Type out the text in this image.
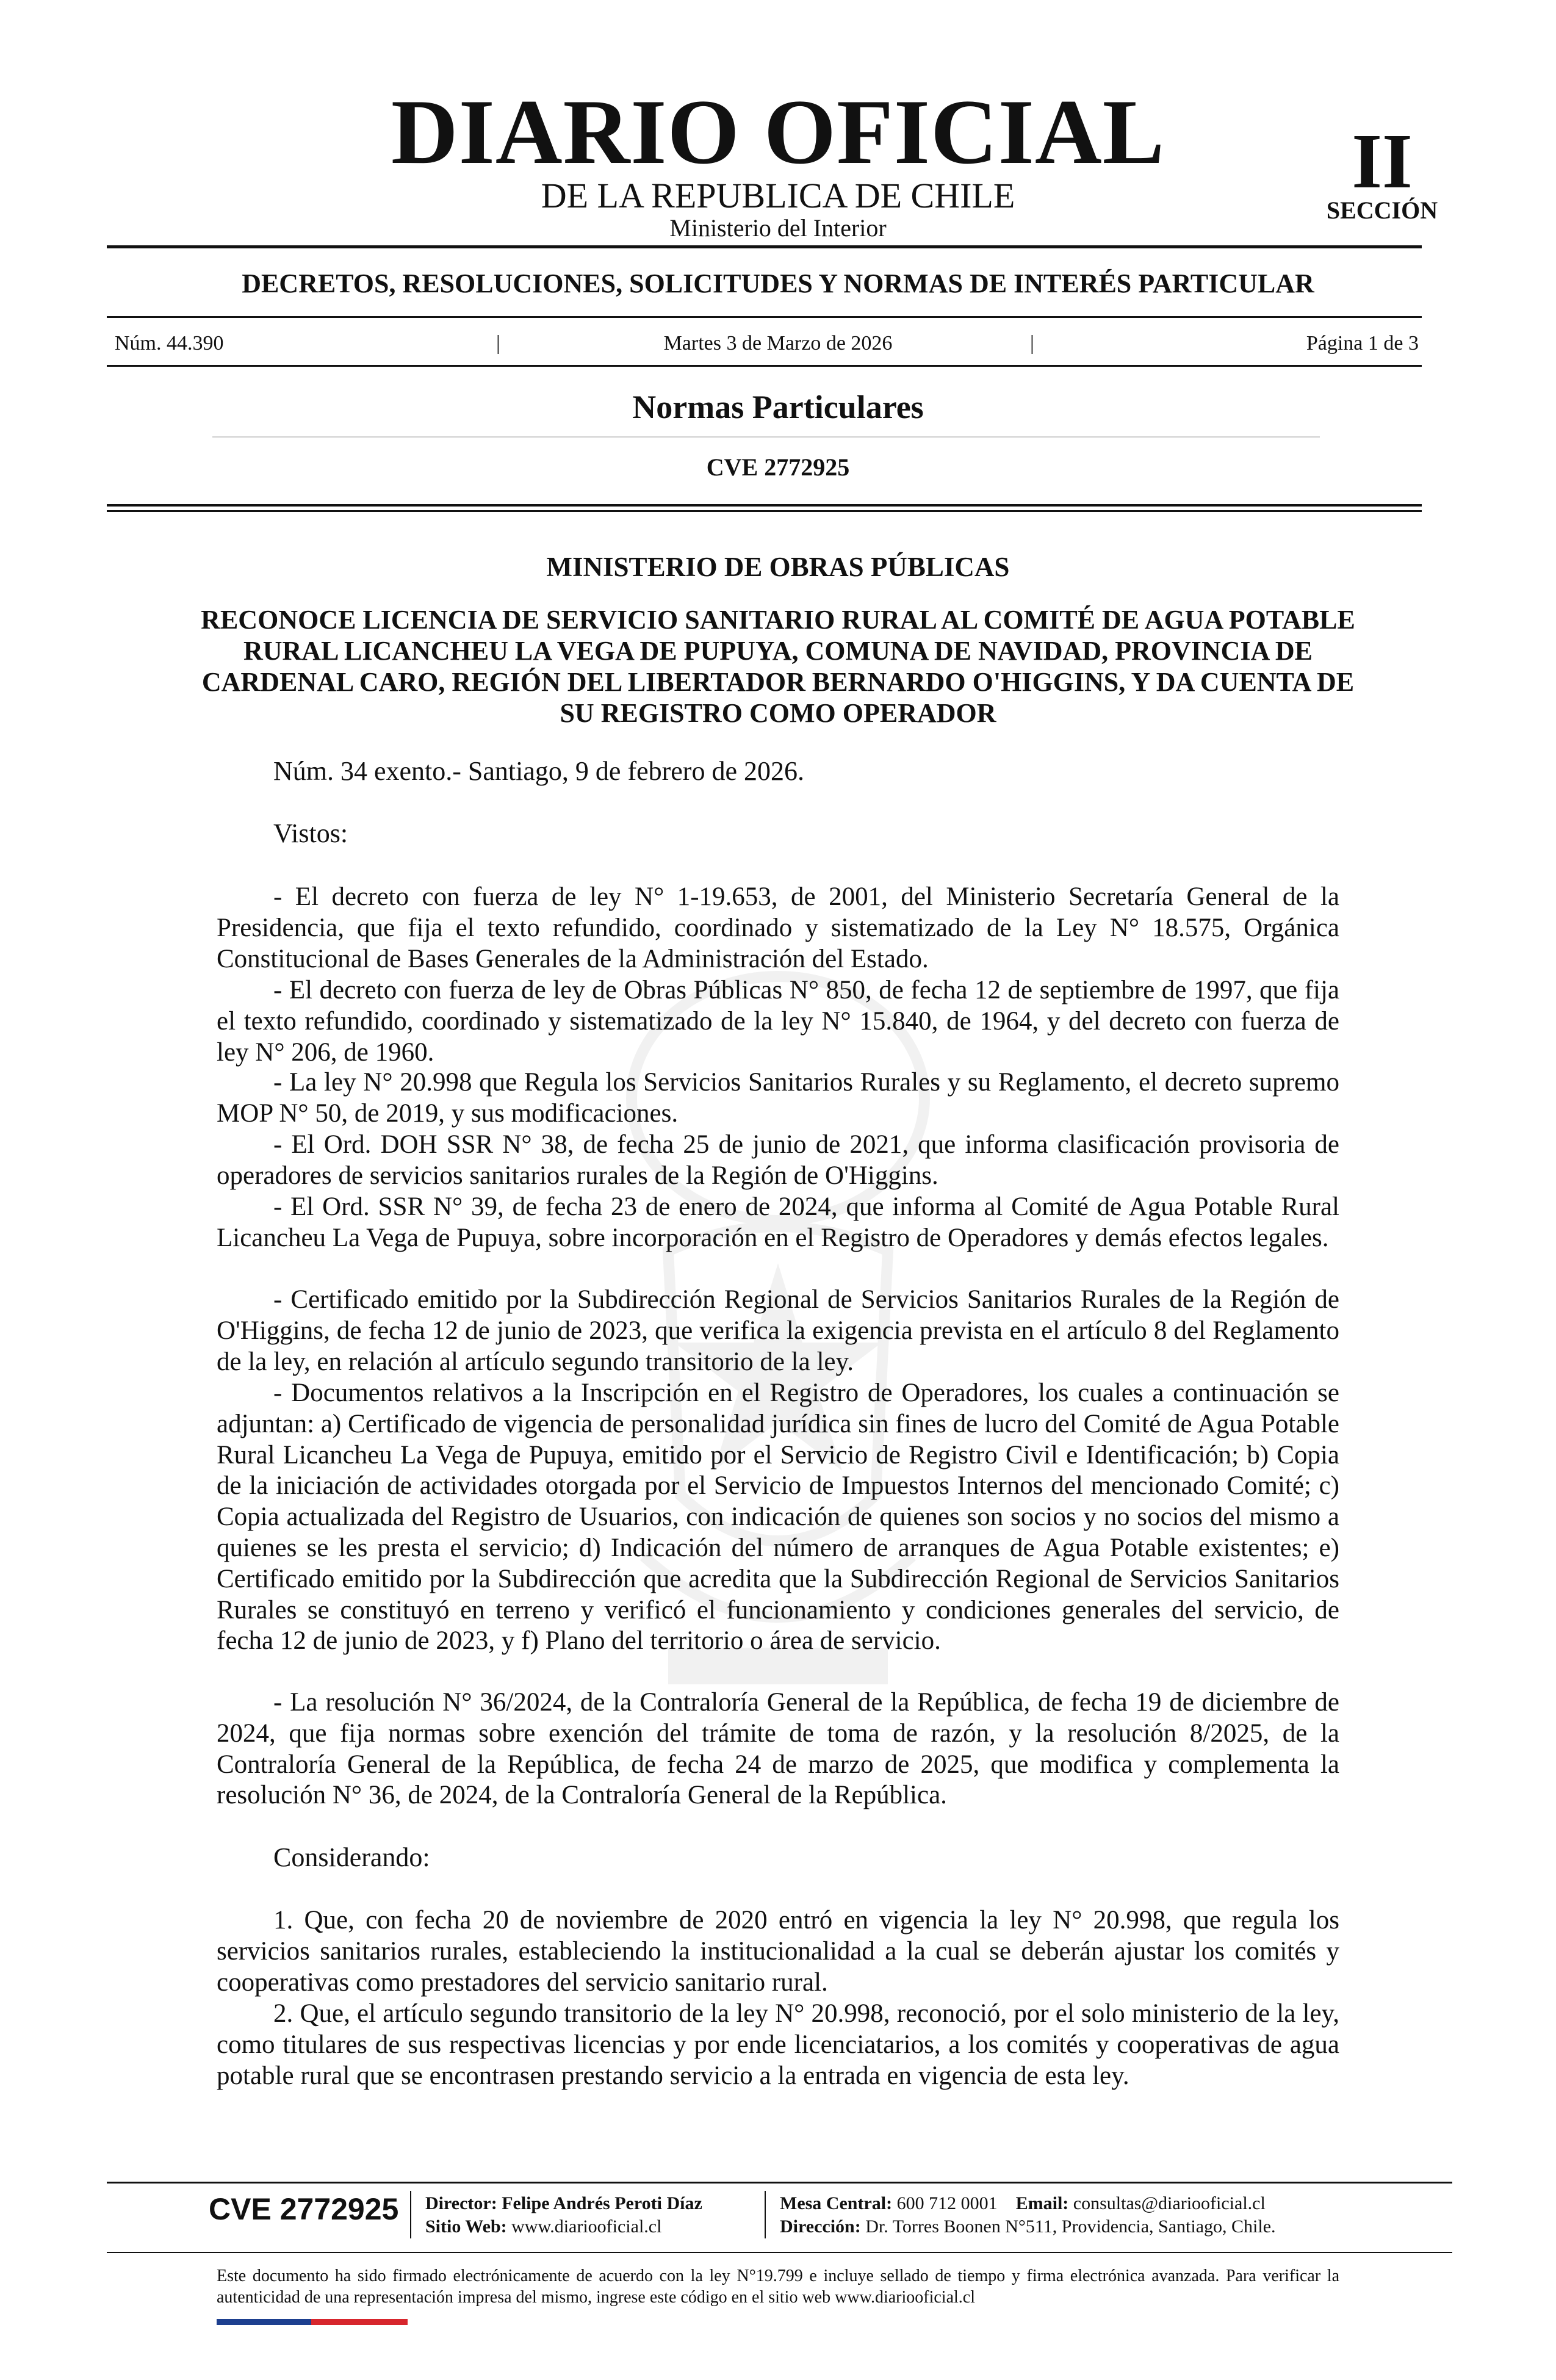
DIARIO OFICIAL
DE LA REPUBLICA DE CHILE
Ministerio del Interior
II
SECCIÓN
DECRETOS, RESOLUCIONES, SOLICITUDES Y NORMAS DE INTERÉS PARTICULAR
Núm. 44.390	|	Martes 3 de Marzo de 2026	|	Página 1 de 3
Normas Particulares
CVE 2772925
MINISTERIO DE OBRAS PÚBLICAS
RECONOCE LICENCIA DE SERVICIO SANITARIO RURAL AL COMITÉ DE AGUA POTABLE RURAL LICANCHEU LA VEGA DE PUPUYA, COMUNA DE NAVIDAD, PROVINCIA DE CARDENAL CARO, REGIÓN DEL LIBERTADOR BERNARDO O'HIGGINS, Y DA CUENTA DE SU REGISTRO COMO OPERADOR
Núm. 34 exento.- Santiago, 9 de febrero de 2026.
Vistos:
- El decreto con fuerza de ley N° 1-19.653, de 2001, del Ministerio Secretaría General de la Presidencia, que fija el texto refundido, coordinado y sistematizado de la Ley N° 18.575, Orgánica Constitucional de Bases Generales de la Administración del Estado.
- El decreto con fuerza de ley de Obras Públicas N° 850, de fecha 12 de septiembre de 1997, que fija el texto refundido, coordinado y sistematizado de la ley N° 15.840, de 1964, y del decreto con fuerza de ley N° 206, de 1960.
- La ley N° 20.998 que Regula los Servicios Sanitarios Rurales y su Reglamento, el decreto supremo MOP N° 50, de 2019, y sus modificaciones.
- El Ord. DOH SSR N° 38, de fecha 25 de junio de 2021, que informa clasificación provisoria de operadores de servicios sanitarios rurales de la Región de O'Higgins.
- El Ord. SSR N° 39, de fecha 23 de enero de 2024, que informa al Comité de Agua Potable Rural Licancheu La Vega de Pupuya, sobre incorporación en el Registro de Operadores y demás efectos legales.
- Certificado emitido por la Subdirección Regional de Servicios Sanitarios Rurales de la Región de O'Higgins, de fecha 12 de junio de 2023, que verifica la exigencia prevista en el artículo 8 del Reglamento de la ley, en relación al artículo segundo transitorio de la ley.
- Documentos relativos a la Inscripción en el Registro de Operadores, los cuales a continuación se adjuntan: a) Certificado de vigencia de personalidad jurídica sin fines de lucro del Comité de Agua Potable Rural Licancheu La Vega de Pupuya, emitido por el Servicio de Registro Civil e Identificación; b) Copia de la iniciación de actividades otorgada por el Servicio de Impuestos Internos del mencionado Comité; c) Copia actualizada del Registro de Usuarios, con indicación de quienes son socios y no socios del mismo a quienes se les presta el servicio; d) Indicación del número de arranques de Agua Potable existentes; e) Certificado emitido por la Subdirección que acredita que la Subdirección Regional de Servicios Sanitarios Rurales se constituyó en terreno y verificó el funcionamiento y condiciones generales del servicio, de fecha 12 de junio de 2023, y f) Plano del territorio o área de servicio.
- La resolución N° 36/2024, de la Contraloría General de la República, de fecha 19 de diciembre de 2024, que fija normas sobre exención del trámite de toma de razón, y la resolución 8/2025, de la Contraloría General de la República, de fecha 24 de marzo de 2025, que modifica y complementa la resolución N° 36, de 2024, de la Contraloría General de la República.
Considerando:
1. Que, con fecha 20 de noviembre de 2020 entró en vigencia la ley N° 20.998, que regula los servicios sanitarios rurales, estableciendo la institucionalidad a la cual se deberán ajustar los comités y cooperativas como prestadores del servicio sanitario rural.
2. Que, el artículo segundo transitorio de la ley N° 20.998, reconoció, por el solo ministerio de la ley, como titulares de sus respectivas licencias y por ende licenciatarios, a los comités y cooperativas de agua potable rural que se encontrasen prestando servicio a la entrada en vigencia de esta ley.
CVE 2772925 Director: Felipe Andrés Peroti Díaz
Sitio Web: www.diariooficial.cl
Mesa Central: 600 712 0001 Email: consultas@diariooficial.cl
Dirección: Dr. Torres Boonen N°511, Providencia, Santiago, Chile.
Este documento ha sido firmado electrónicamente de acuerdo con la ley N°19.799 e incluye sellado de tiempo y firma electrónica avanzada. Para verificar la autenticidad de una representación impresa del mismo, ingrese este código en el sitio web www.diariooficial.cl
